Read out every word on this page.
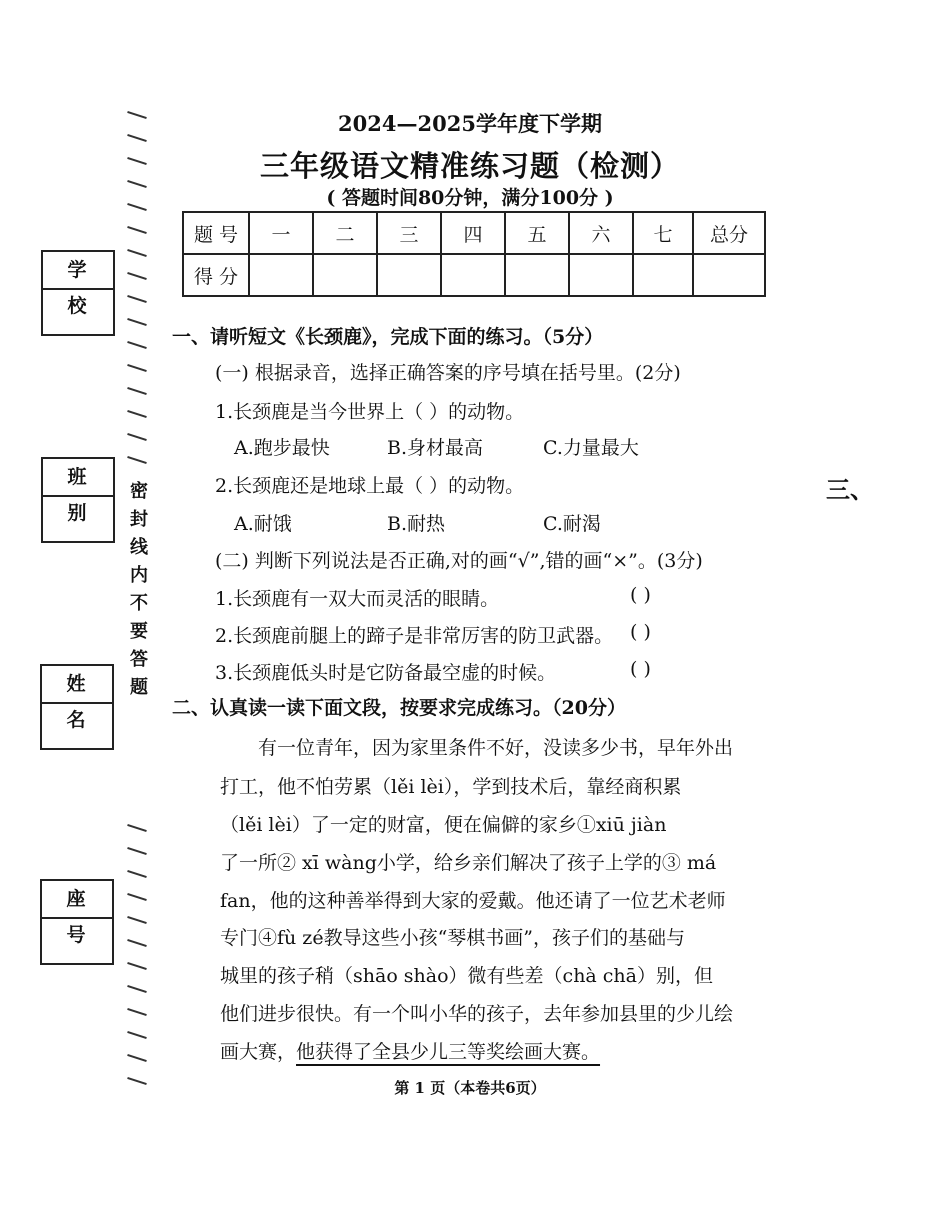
学 校
班 别
姓 名
座 号
密
封
线
内
不
要
答
题
2024—2025学年度下学期
三年级语文精准练习题（检测）
( 答题时间80分钟，满分100分 )
题 号	一	二	三	四	五	六	七	总分
得 分								
一、请听短文《长颈鹿》，完成下面的练习。（5分）
(一) 根据录音，选择正确答案的序号填在括号里。(2分)
1.长颈鹿是当今世界上（ ）的动物。
A.跑步最快	B.身材最高	C.力量最大
2.长颈鹿还是地球上最（ ）的动物。
A.耐饿	B.耐热	C.耐渴
(二) 判断下列说法是否正确,对的画“√”,错的画“×”。(3分)
1.长颈鹿有一双大而灵活的眼睛。	( )
2.长颈鹿前腿上的蹄子是非常厉害的防卫武器。 ( )
3.长颈鹿低头时是它防备最空虚的时候。	( )
二、认真读一读下面文段，按要求完成练习。（20分）
有一位青年，因为家里条件不好，没读多少书，早年外出
打工，他不怕劳累（lěi lèi），学到技术后，靠经商积累
（lěi lèi）了一定的财富，便在偏僻的家乡①xiū jiàn
了一所② xī wàng小学，给乡亲们解决了孩子上学的③ má
fan，他的这种善举得到大家的爱戴。他还请了一位艺术老师
专门④fù zé教导这些小孩“琴棋书画”，孩子们的基础与
城里的孩子稍（shāo shào）微有些差（chà chā）别，但
他们进步很快。有一个叫小华的孩子，去年参加县里的少儿绘
画大赛，他获得了全县少儿三等奖绘画大赛。
第 1 页（本卷共6页）
三、
